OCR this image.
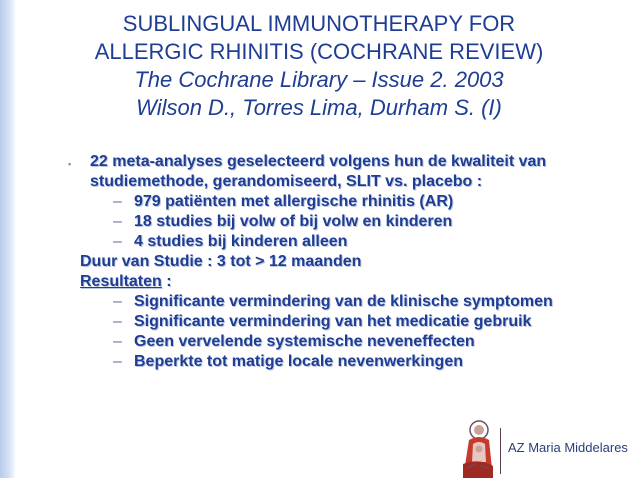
SUBLINGUAL IMMUNOTHERAPY FOR
ALLERGIC RHINITIS (COCHRANE REVIEW)
The Cochrane Library – Issue 2. 2003
Wilson D., Torres Lima, Durham S. (I)
• 22 meta-analyses geselecteerd volgens hun de kwaliteit van
studiemethode, gerandomiseerd, SLIT vs. placebo :
– 979 patiënten met allergische rhinitis (AR)
– 18 studies bij volw of bij volw en kinderen
– 4 studies bij kinderen alleen
Duur van Studie : 3 tot > 12 maanden
Resultaten :
– Significante vermindering van de klinische symptomen
– Significante vermindering van het medicatie gebruik
– Geen vervelende systemische neveneffecten
– Beperkte tot matige locale nevenwerkingen
AZ Maria Middelares
